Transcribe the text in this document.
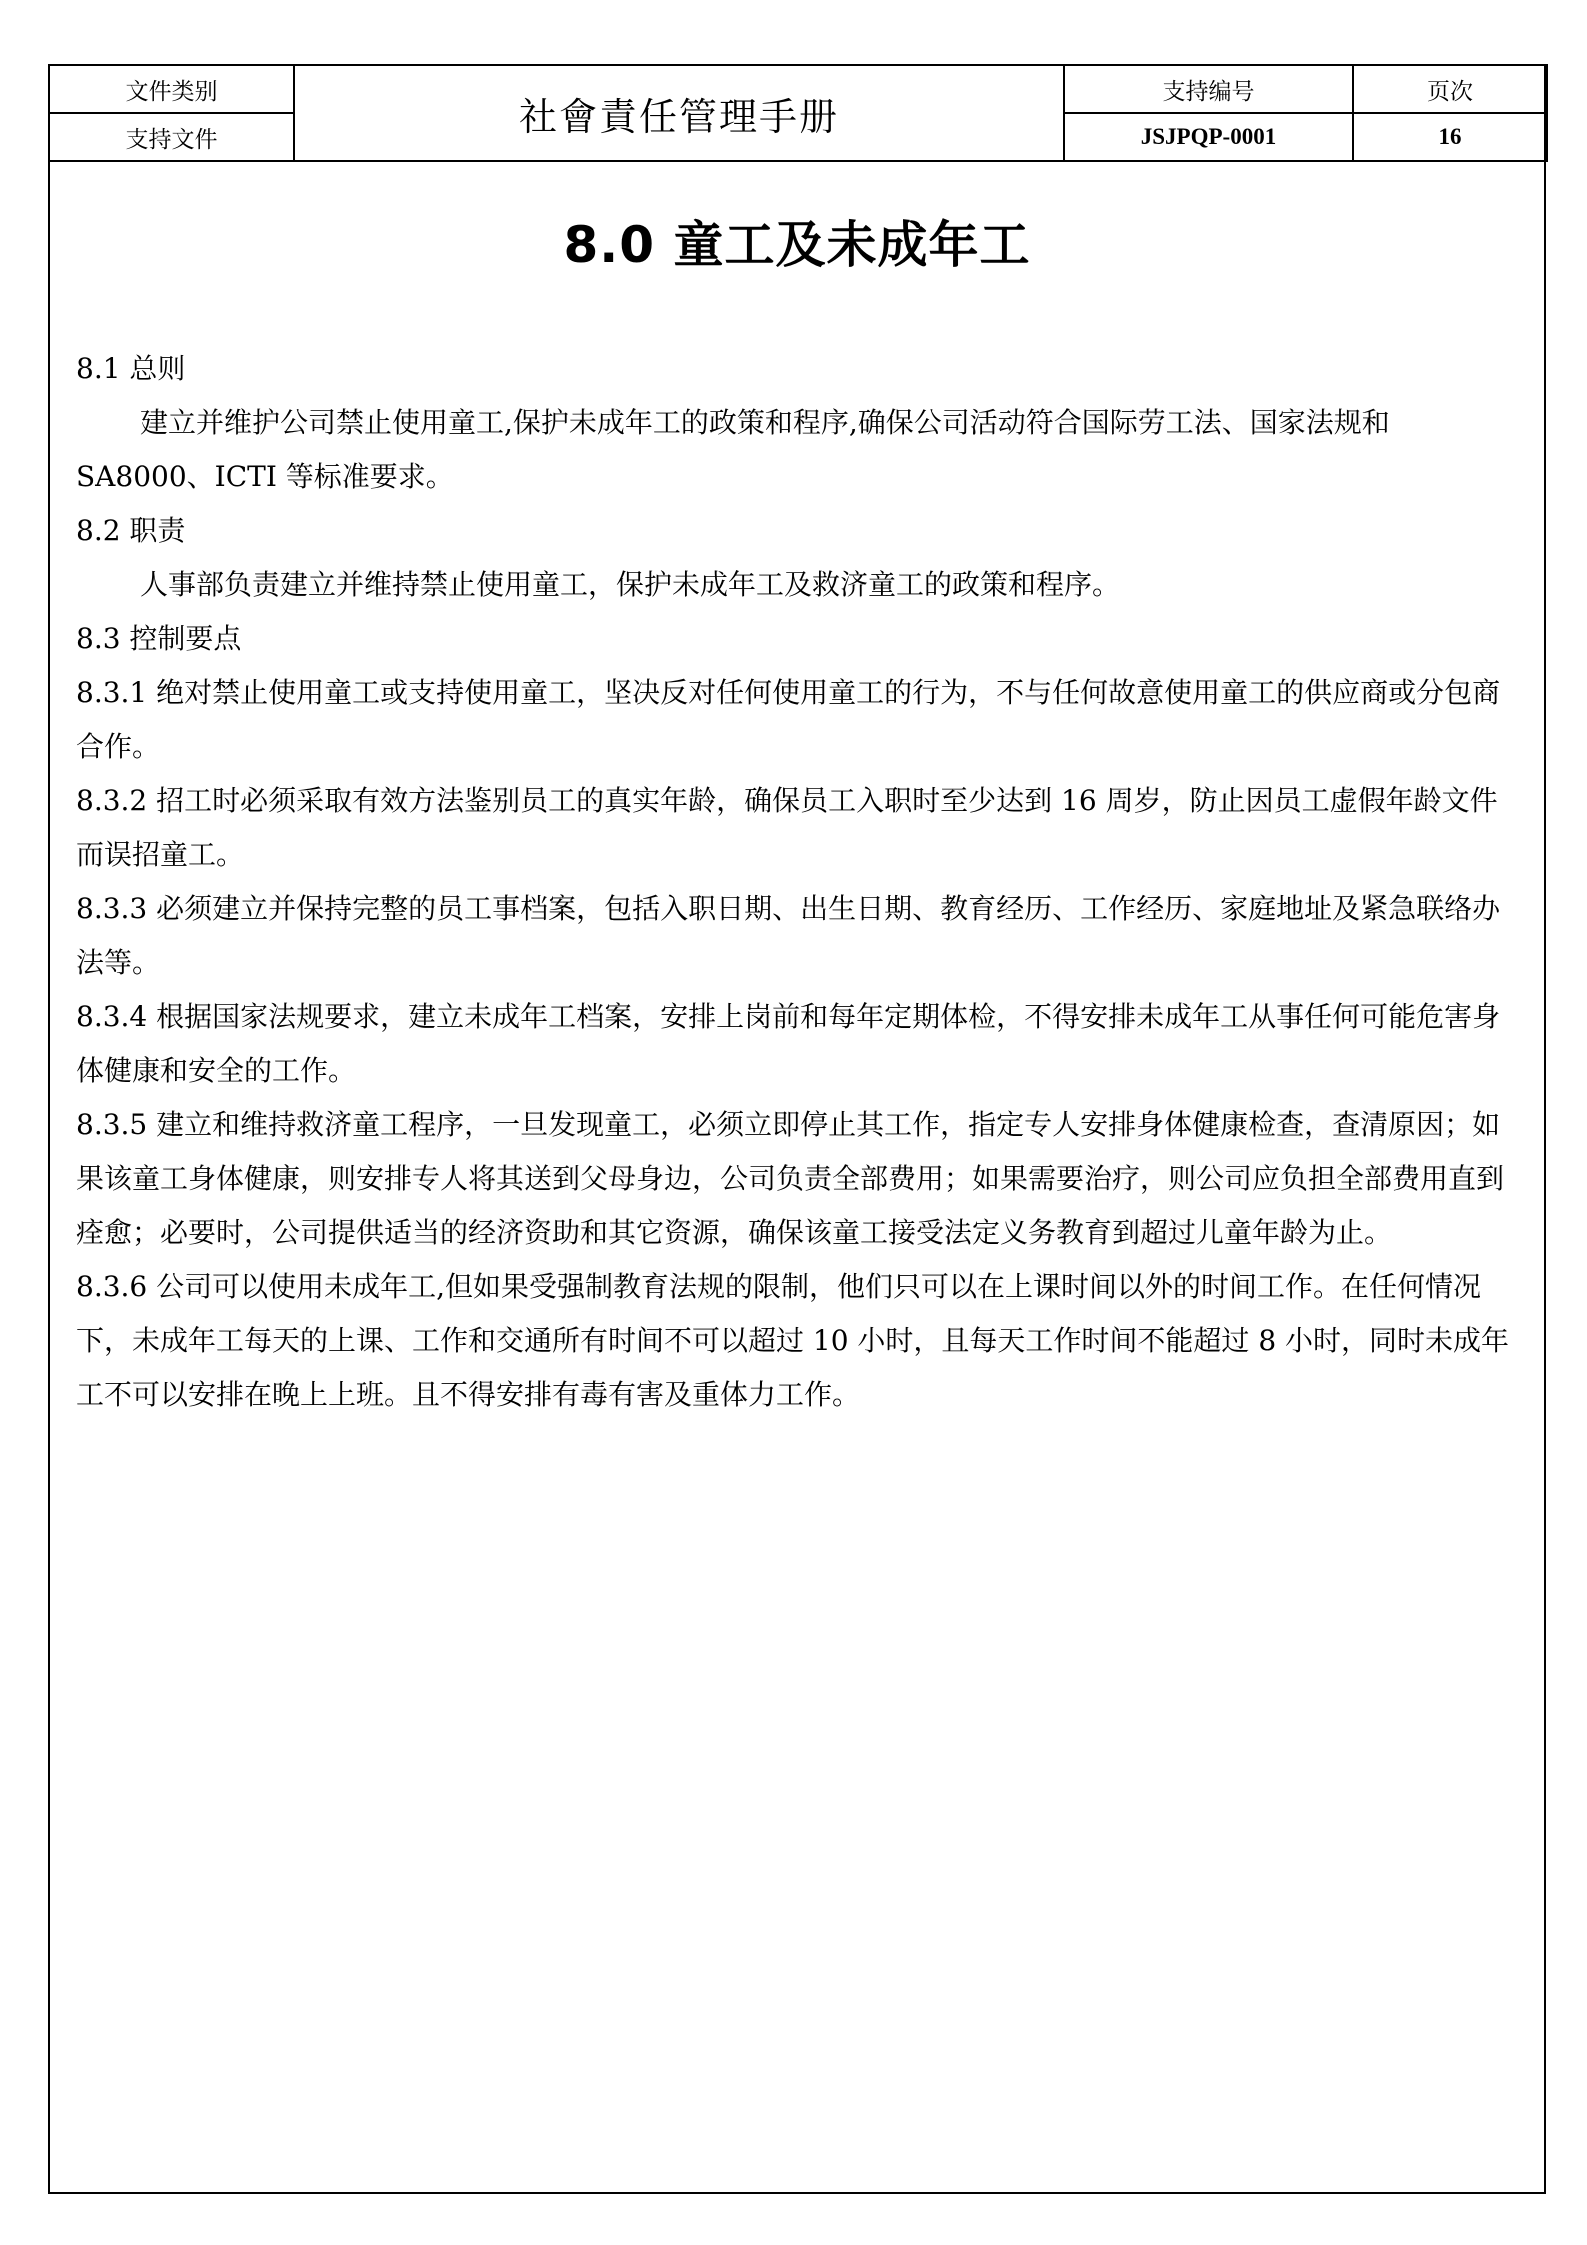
文件类别	社會責任管理手册	支持编号	页次
支持文件		JSJPQP-0001	16
8.0 童工及未成年工

8.1 总则

建立并维护公司禁止使用童工,保护未成年工的政策和程序,确保公司活动符合国际劳工法、国家法规和 SA8000、ICTI 等标准要求。

8.2 职责

人事部负责建立并维持禁止使用童工，保护未成年工及救济童工的政策和程序。

8.3 控制要点

8.3.1 绝对禁止使用童工或支持使用童工，坚决反对任何使用童工的行为，不与任何故意使用童工的供应商或分包商合作。

8.3.2 招工时必须采取有效方法鉴别员工的真实年龄，确保员工入职时至少达到 16 周岁，防止因员工虚假年龄文件而误招童工。

8.3.3 必须建立并保持完整的员工事档案，包括入职日期、出生日期、教育经历、工作经历、家庭地址及紧急联络办法等。

8.3.4 根据国家法规要求，建立未成年工档案，安排上岗前和每年定期体检，不得安排未成年工从事任何可能危害身体健康和安全的工作。

8.3.5 建立和维持救济童工程序，一旦发现童工，必须立即停止其工作，指定专人安排身体健康检查，查清原因；如果该童工身体健康，则安排专人将其送到父母身边，公司负责全部费用；如果需要治疗，则公司应负担全部费用直到痊愈；必要时，公司提供适当的经济资助和其它资源，确保该童工接受法定义务教育到超过儿童年龄为止。

8.3.6 公司可以使用未成年工,但如果受强制教育法规的限制，他们只可以在上课时间以外的时间工作。在任何情况下，未成年工每天的上课、工作和交通所有时间不可以超过 10 小时，且每天工作时间不能超过 8 小时，同时未成年工不可以安排在晚上上班。且不得安排有毒有害及重体力工作。
